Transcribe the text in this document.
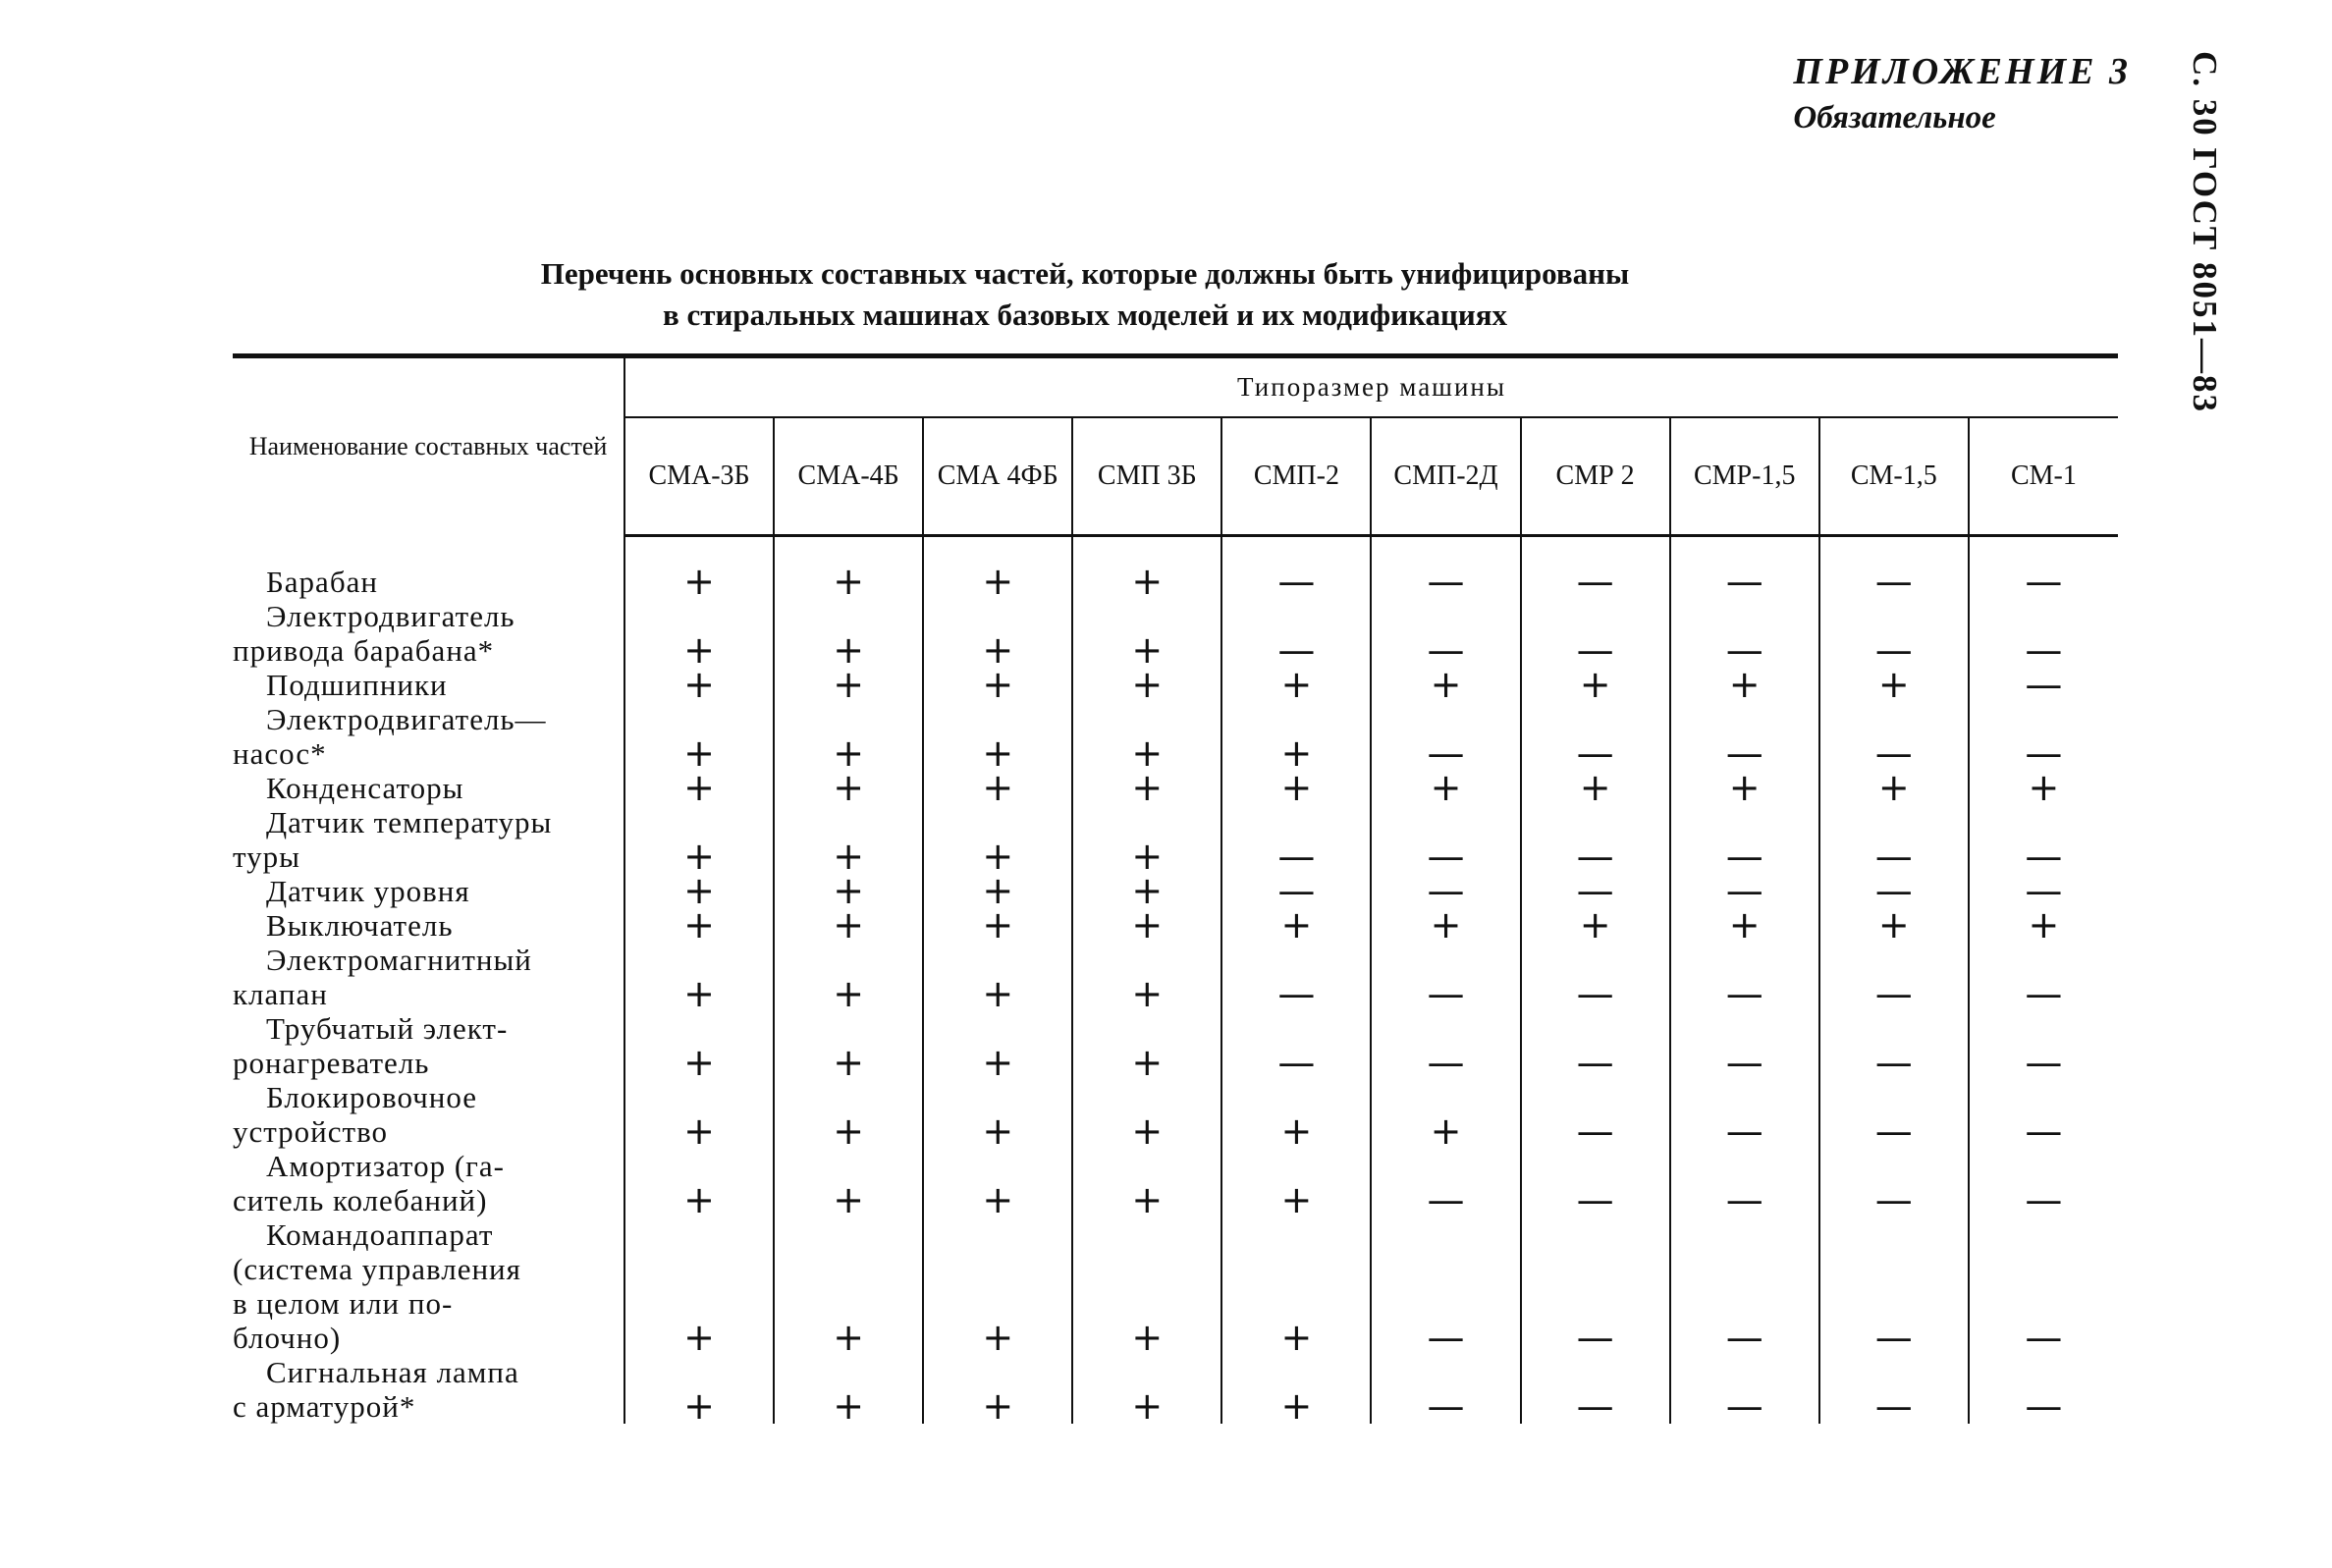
ПРИЛОЖЕНИЕ 3
Обязательное	С. 30 ГОСТ 8051—83
Перечень основных составных частей, которые должны быть унифицированы
в стиральных машинах базовых моделей и их модификациях
Наименование составных частей	Типоразмер машины									
	СМА-3Б	СМА-4Б	СМА 4ФБ	СМП 3Б	СМП-2	СМП-2Д	СМР 2	СМР-1,5	СМ-1,5	СМ-1

Барабан	+	+	+	+	—	—	—	—	—	—

Электродвигатель
привода барабана*	+	+	+	+	—	—	—	—	—	—

Подшипники	+	+	+	+	+	+	+	+	+	—

Электродвигатель—
насос*	+	+	+	+	+	—	—	—	—	—

Конденсаторы	+	+	+	+	+	+	+	+	+	+

Датчик температуры
туры	+	+	+	+	—	—	—	—	—	—

Датчик уровня	+	+	+	+	—	—	—	—	—	—

Выключатель	+	+	+	+	+	+	+	+	+	+

Электромагнитный
клапан	+	+	+	+	—	—	—	—	—	—

Трубчатый элект-
ронагреватель	+	+	+	+	—	—	—	—	—	—

Блокировочное
устройство	+	+	+	+	+	+	—	—	—	—

Амортизатор (га-
ситель колебаний)	+	+	+	+	+	—	—	—	—	—

Командоаппарат
(система управления
в целом или по-
блочно)	+	+	+	+	+	—	—	—	—	—

Сигнальная лампа
с арматурой*	+	+	+	+	+	—	—	—	—	—
